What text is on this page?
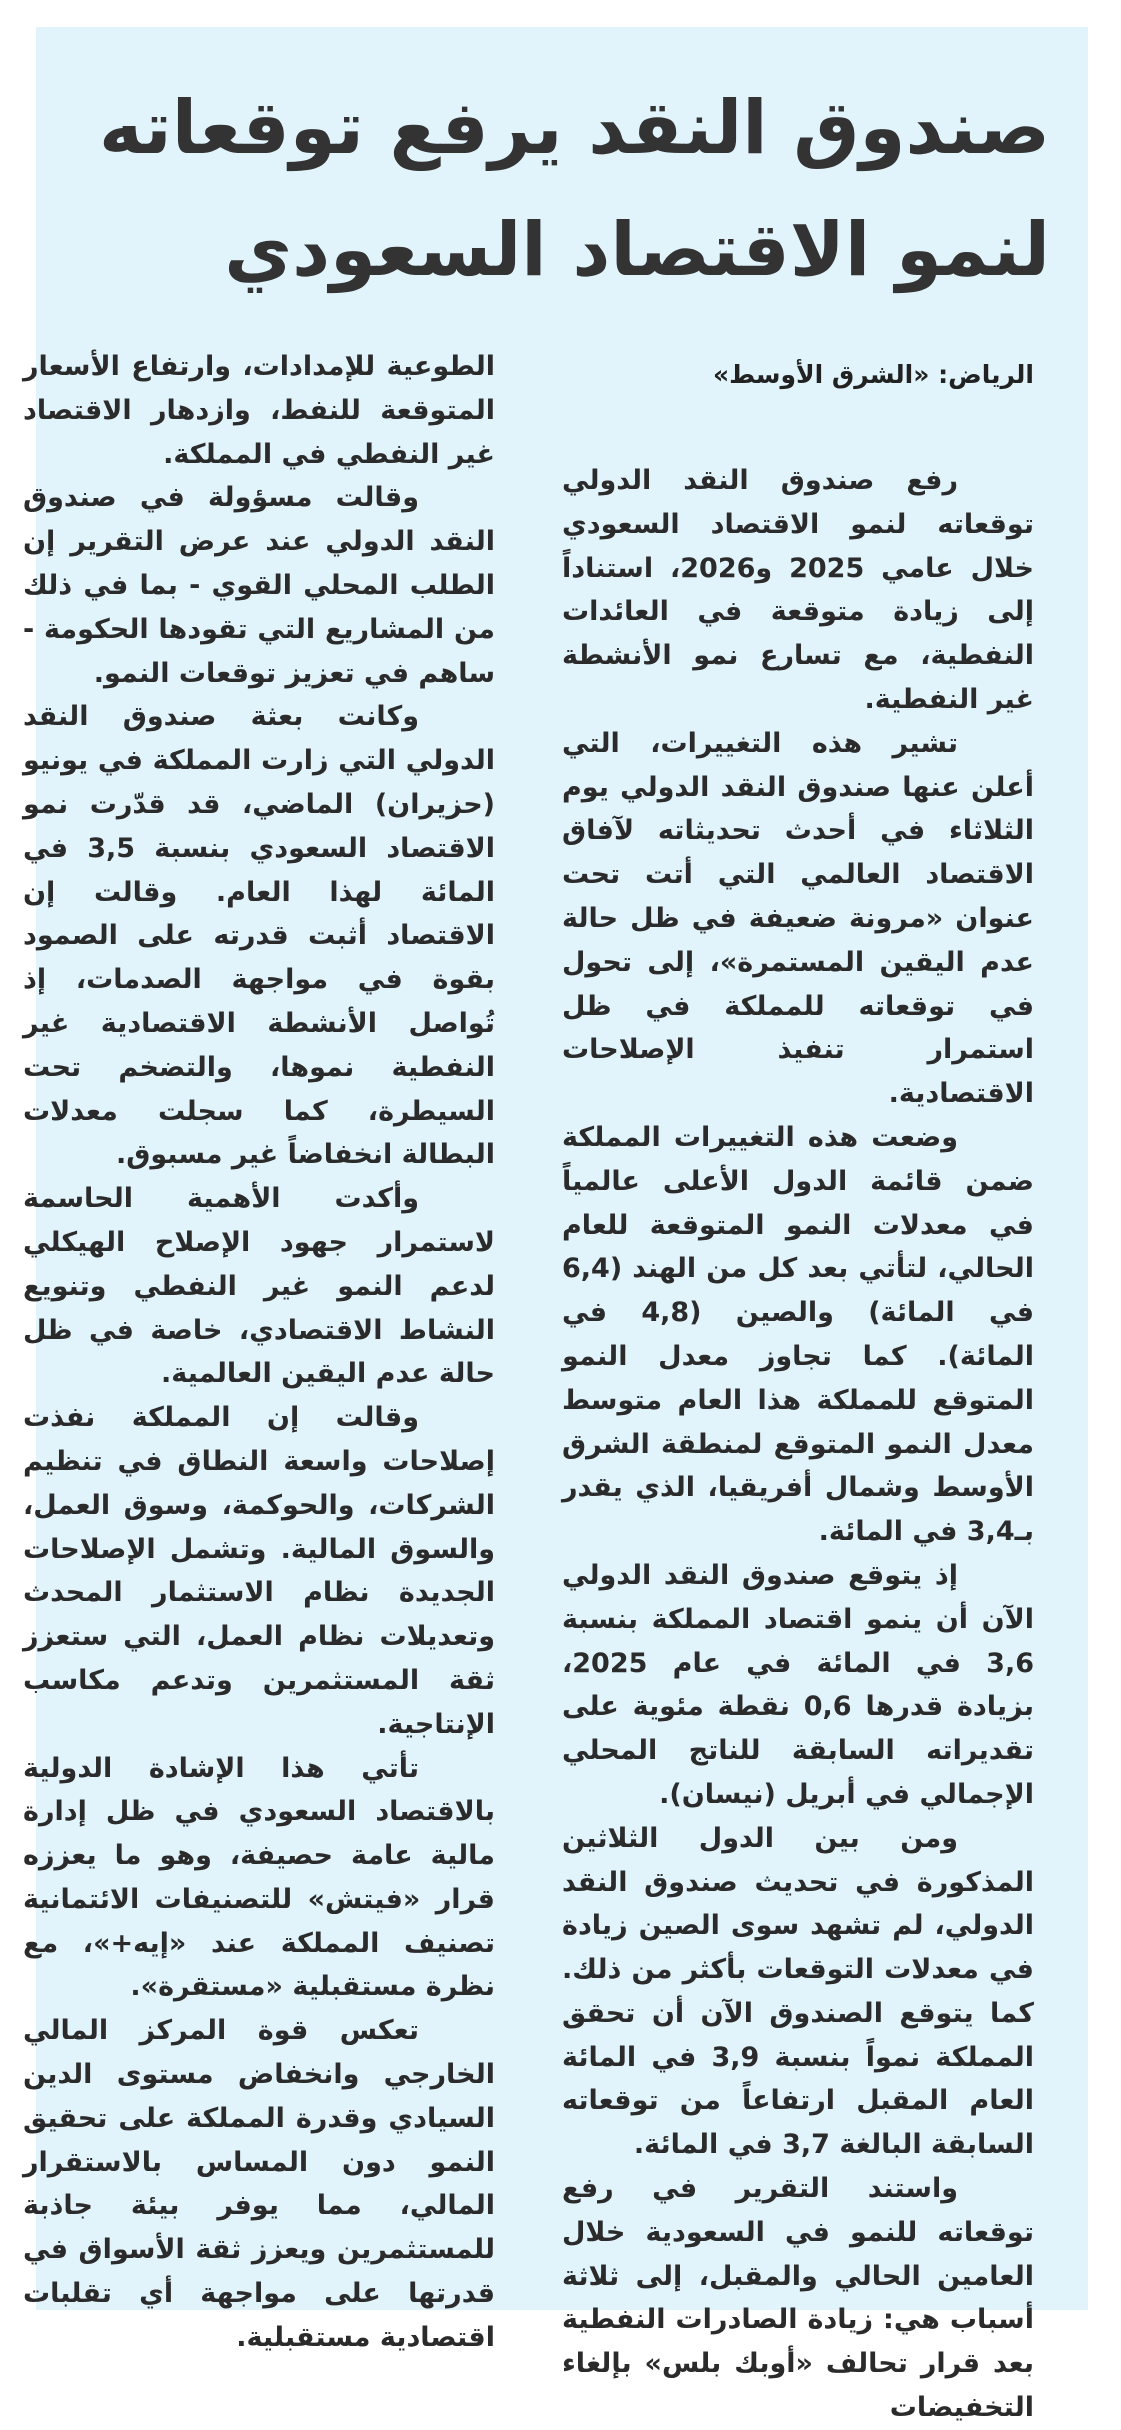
صندوق النقد يرفع توقعاته
لنمو الاقتصاد السعودي
الرياض: «الشرق الأوسط»

رفع صندوق النقد الدولي توقعاته لنمو الاقتصاد السعودي خلال عامي 2025 و2026، استناداً إلى زيادة متوقعة في العائدات النفطية، مع تسارع نمو الأنشطة غير النفطية.

تشير هذه التغييرات، التي أعلن عنها صندوق النقد الدولي يوم الثلاثاء في أحدث تحديثاته لآفاق الاقتصاد العالمي التي أتت تحت عنوان «مرونة ضعيفة في ظل حالة عدم اليقين المستمرة»، إلى تحول في توقعاته للمملكة في ظل استمرار تنفيذ الإصلاحات الاقتصادية.

وضعت هذه التغييرات المملكة ضمن قائمة الدول الأعلى عالمياً في معدلات النمو المتوقعة للعام الحالي، لتأتي بعد كل من الهند (6,4 في المائة) والصين (4,8 في المائة). كما تجاوز معدل النمو المتوقع للمملكة هذا العام متوسط معدل النمو المتوقع لمنطقة الشرق الأوسط وشمال أفريقيا، الذي يقدر بـ3,4 في المائة.

إذ يتوقع صندوق النقد الدولي الآن أن ينمو اقتصاد المملكة بنسبة 3,6 في المائة في عام 2025، بزيادة قدرها 0,6 نقطة مئوية على تقديراته السابقة للناتج المحلي الإجمالي في أبريل (نيسان).

ومن بين الدول الثلاثين المذكورة في تحديث صندوق النقد الدولي، لم تشهد سوى الصين زيادة في معدلات التوقعات بأكثر من ذلك. كما يتوقع الصندوق الآن أن تحقق المملكة نمواً بنسبة 3,9 في المائة العام المقبل ارتفاعاً من توقعاته السابقة البالغة 3,7 في المائة.

واستند التقرير في رفع توقعاته للنمو في السعودية خلال العامين الحالي والمقبل، إلى ثلاثة أسباب هي: زيادة الصادرات النفطية بعد قرار تحالف «أوبك بلس» بإلغاء التخفيضات

الطوعية للإمدادات، وارتفاع الأسعار المتوقعة للنفط، وازدهار الاقتصاد غير النفطي في المملكة.

وقالت مسؤولة في صندوق النقد الدولي عند عرض التقرير إن الطلب المحلي القوي - بما في ذلك من المشاريع التي تقودها الحكومة - ساهم في تعزيز توقعات النمو.

وكانت بعثة صندوق النقد الدولي التي زارت المملكة في يونيو (حزيران) الماضي، قد قدّرت نمو الاقتصاد السعودي بنسبة 3,5 في المائة لهذا العام. وقالت إن الاقتصاد أثبت قدرته على الصمود بقوة في مواجهة الصدمات، إذ تُواصل الأنشطة الاقتصادية غير النفطية نموها، والتضخم تحت السيطرة، كما سجلت معدلات البطالة انخفاضاً غير مسبوق.

وأكدت الأهمية الحاسمة لاستمرار جهود الإصلاح الهيكلي لدعم النمو غير النفطي وتنويع النشاط الاقتصادي، خاصة في ظل حالة عدم اليقين العالمية.

وقالت إن المملكة نفذت إصلاحات واسعة النطاق في تنظيم الشركات، والحوكمة، وسوق العمل، والسوق المالية. وتشمل الإصلاحات الجديدة نظام الاستثمار المحدث وتعديلات نظام العمل، التي ستعزز ثقة المستثمرين وتدعم مكاسب الإنتاجية.

تأتي هذا الإشادة الدولية بالاقتصاد السعودي في ظل إدارة مالية عامة حصيفة، وهو ما يعززه قرار «فيتش» للتصنيفات الائتمانية تصنيف المملكة عند «إيه+»، مع نظرة مستقبلية «مستقرة».

تعكس قوة المركز المالي الخارجي وانخفاض مستوى الدين السيادي وقدرة المملكة على تحقيق النمو دون المساس بالاستقرار المالي، مما يوفر بيئة جاذبة للمستثمرين ويعزز ثقة الأسواق في قدرتها على مواجهة أي تقلبات اقتصادية مستقبلية.
